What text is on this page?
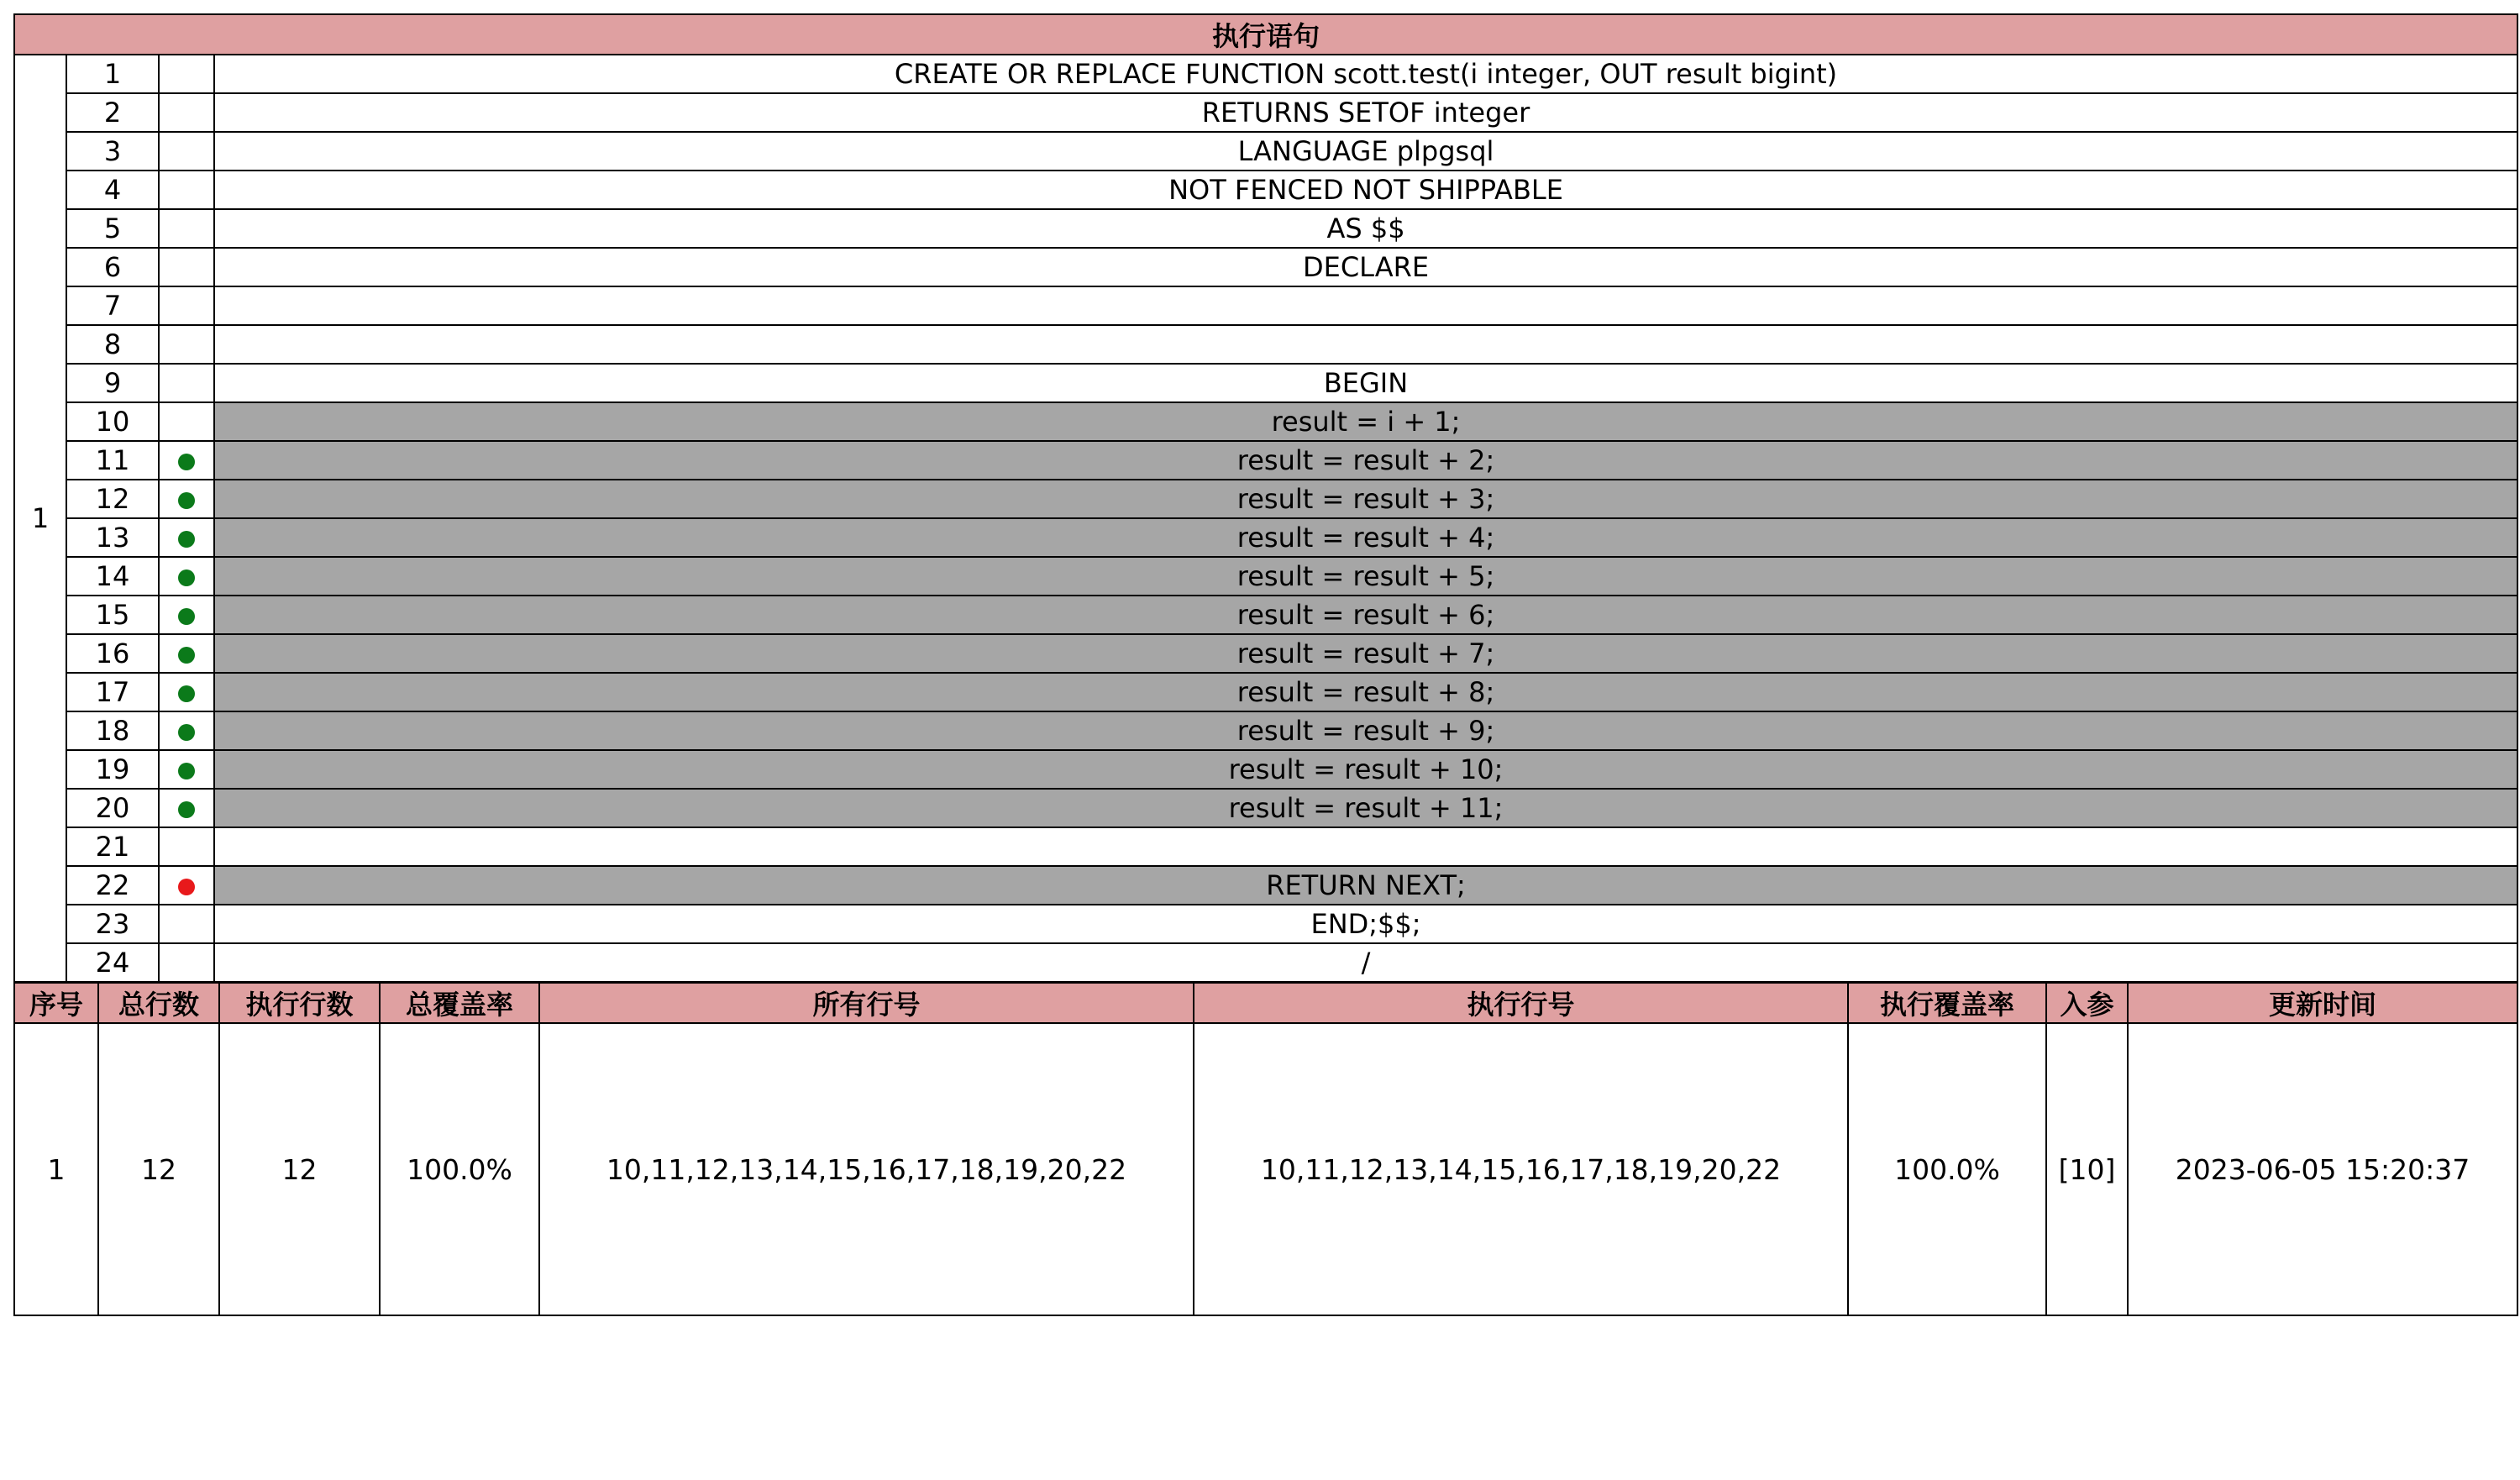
执行语句			
1	1		CREATE OR REPLACE FUNCTION scott.test(i integer, OUT result bigint)
	2		RETURNS SETOF integer
	3		LANGUAGE plpgsql
	4		NOT FENCED NOT SHIPPABLE
	5		AS $$
	6		DECLARE
	7		
	8		
	9		BEGIN
	10		result = i + 1;
	11		result = result + 2;
	12		result = result + 3;
	13		result = result + 4;
	14		result = result + 5;
	15		result = result + 6;
	16		result = result + 7;
	17		result = result + 8;
	18		result = result + 9;
	19		result = result + 10;
	20		result = result + 11;
	21		
	22		RETURN NEXT;
	23		END;$$;
	24		/
序号	总行数	执行行数	总覆盖率	所有行号	执行行号	执行覆盖率	入参	更新时间
1	12	12	100.0%	10,11,12,13,14,15,16,17,18,19,20,22	10,11,12,13,14,15,16,17,18,19,20,22	100.0%	[10]	2023-06-05 15:20:37
